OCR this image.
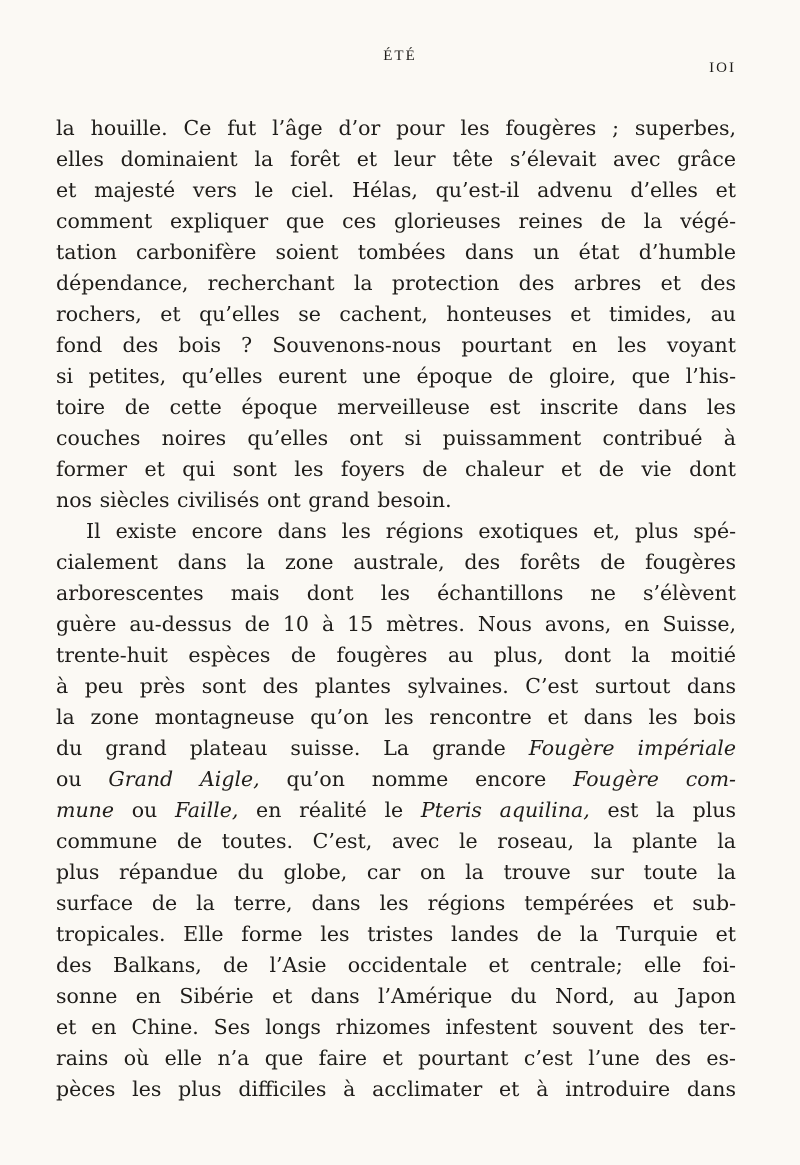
ÉTÉ
IOI
la houille. Ce fut l’âge d’or pour les fougères ; superbes,
elles dominaient la forêt et leur tête s’élevait avec grâce
et majesté vers le ciel. Hélas, qu’est-il advenu d’elles et
comment expliquer que ces glorieuses reines de la végé-
tation carbonifère soient tombées dans un état d’humble
dépendance, recherchant la protection des arbres et des
rochers, et qu’elles se cachent, honteuses et timides, au
fond des bois ? Souvenons-nous pourtant en les voyant
si petites, qu’elles eurent une époque de gloire, que l’his-
toire de cette époque merveilleuse est inscrite dans les
couches noires qu’elles ont si puissamment contribué à
former et qui sont les foyers de chaleur et de vie dont
nos siècles civilisés ont grand besoin.
Il existe encore dans les régions exotiques et, plus spé-
cialement dans la zone australe, des forêts de fougères
arborescentes mais dont les échantillons ne s’élèvent
guère au-dessus de 10 à 15 mètres. Nous avons, en Suisse,
trente-huit espèces de fougères au plus, dont la moitié
à peu près sont des plantes sylvaines. C’est surtout dans
la zone montagneuse qu’on les rencontre et dans les bois
du grand plateau suisse. La grande Fougère impériale
ou Grand Aigle, qu’on nomme encore Fougère com-
mune ou Faille, en réalité le Pteris aquilina, est la plus
commune de toutes. C’est, avec le roseau, la plante la
plus répandue du globe, car on la trouve sur toute la
surface de la terre, dans les régions tempérées et sub-
tropicales. Elle forme les tristes landes de la Turquie et
des Balkans, de l’Asie occidentale et centrale; elle foi-
sonne en Sibérie et dans l’Amérique du Nord, au Japon
et en Chine. Ses longs rhizomes infestent souvent des ter-
rains où elle n’a que faire et pourtant c’est l’une des es-
pèces les plus difficiles à acclimater et à introduire dans
